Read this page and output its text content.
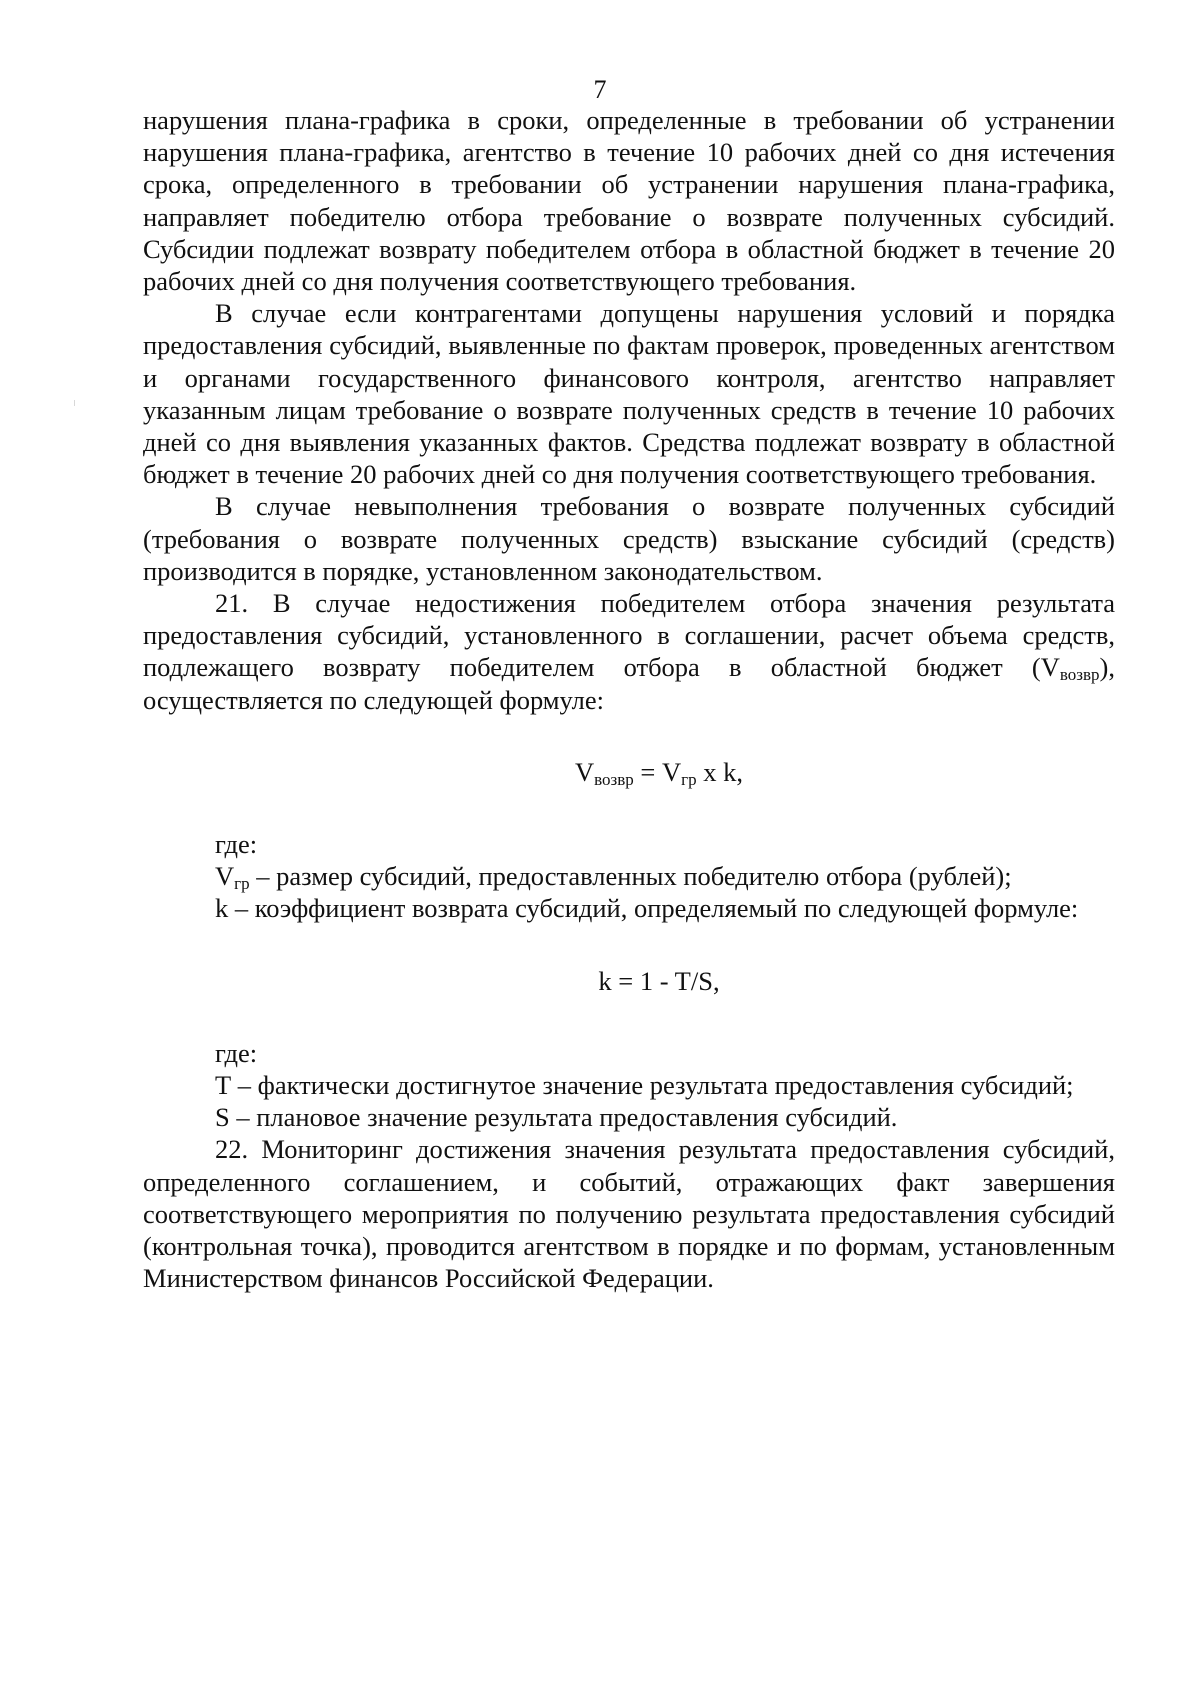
7

нарушения плана-графика в сроки, определенные в требовании об устранении нарушения плана-графика, агентство в течение 10 рабочих дней со дня истечения срока, определенного в требовании об устранении нарушения плана-графика, направляет победителю отбора требование о возврате полученных субсидий. Субсидии подлежат возврату победителем отбора в областной бюджет в течение 20 рабочих дней со дня получения соответствующего требования.

В случае если контрагентами допущены нарушения условий и порядка предоставления субсидий, выявленные по фактам проверок, проведенных агентством и органами государственного финансового контроля, агентство направляет указанным лицам требование о возврате полученных средств в течение 10 рабочих дней со дня выявления указанных фактов. Средства подлежат возврату в областной бюджет в течение 20 рабочих дней со дня получения соответствующего требования.

В случае невыполнения требования о возврате полученных субсидий (требования о возврате полученных средств) взыскание субсидий (средств) производится в порядке, установленном законодательством.

21. В случае недостижения победителем отбора значения результата предоставления субсидий, установленного в соглашении, расчет объема средств, подлежащего возврату победителем отбора в областной бюджет $(V_{возвр})$, осуществляется по следующей формуле:

$V_{возвр} = V_{гр}$ x k,

где:

$V_{гр}$ – размер субсидий, предоставленных победителю отбора (рублей);

k – коэффициент возврата субсидий, определяемый по следующей формуле:

k = 1 - T/S,

где:

Т – фактически достигнутое значение результата предоставления субсидий;

S – плановое значение результата предоставления субсидий.

22. Мониторинг достижения значения результата предоставления субсидий, определенного соглашением, и событий, отражающих факт завершения соответствующего мероприятия по получению результата предоставления субсидий (контрольная точка), проводится агентством в порядке и по формам, установленным Министерством финансов Российской Федерации.
